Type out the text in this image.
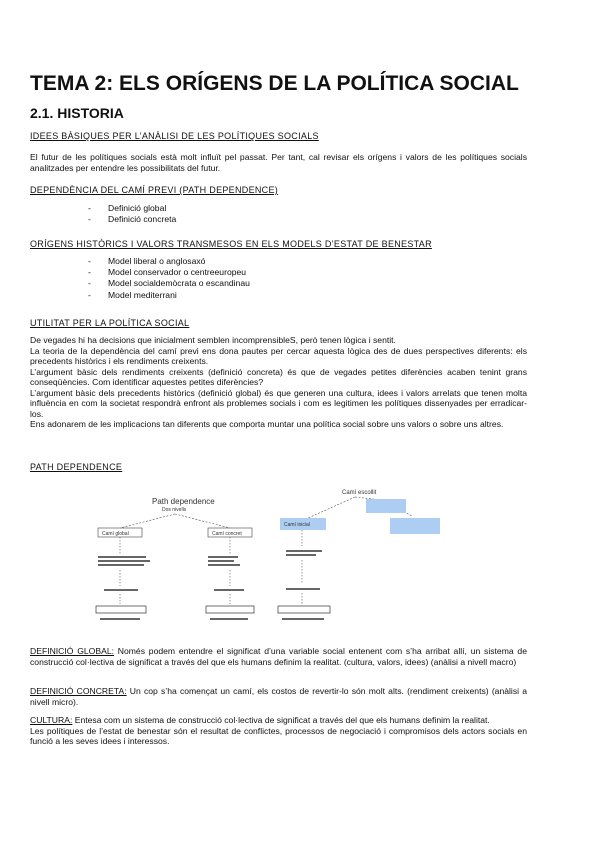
TEMA 2: ELS ORÍGENS DE LA POLÍTICA SOCIAL
2.1. HISTORIA
IDEES BÀSIQUES PER L’ANÀLISI DE LES POLÍTIQUES SOCIALS

El futur de les polítiques socials està molt influït pel passat. Per tant, cal revisar els orígens i valors de les polítiques socials analitzades per entendre les possibilitats del futur.

DEPENDÈNCIA DEL CAMÍ PREVI (PATH DEPENDENCE)
- Definició global
- Definició concreta
ORÍGENS HISTÒRICS I VALORS TRANSMESOS EN ELS MODELS D’ESTAT DE BENESTAR
- Model liberal o anglosaxó
- Model conservador o centreeuropeu
- Model socialdemòcrata o escandinau
- Model mediterrani
UTILITAT PER LA POLÍTICA SOCIAL

De vegades hi ha decisions que inicialment semblen incomprensibleS, però tenen lògica i sentit.

La teoria de la dependència del camí previ ens dona pautes per cercar aquesta lògica des de dues perspectives diferents: els precedents històrics i els rendiments creixents.

L’argument bàsic dels rendiments creixents (definició concreta) és que de vegades petites diferències acaben tenint grans conseqüències. Com identificar aquestes petites diferències?

L’argument bàsic dels precedents històrics (definició global) és que generen una cultura, idees i valors arrelats que tenen molta influència en com la societat respondrà enfront als problemes socials i com es legitimen les polítiques dissenyades per erradicar-los.

Ens adonarem de les implicacions tan diferents que comporta muntar una política social sobre uns valors o sobre uns altres.

PATH DEPENDENCE
Path dependence
Dos nivells
Camí global	Camí concret
Camí escollit
Camí inicial

DEFINICIÓ GLOBAL: Només podem entendre el significat d’una variable social entenent com s’ha arribat allí, un sistema de construcció col·lectiva de significat a través del que els humans definim la realitat. (cultura, valors, idees) (anàlisi a nivell macro)

DEFINICIÓ CONCRETA: Un cop s’ha començat un camí, els costos de revertir-lo són molt alts. (rendiment creixents) (anàlisi a nivell micro).

CULTURA: Entesa com un sistema de construcció col·lectiva de significat a través del que els humans definim la realitat.

Les polítiques de l’estat de benestar són el resultat de conflictes, processos de negociació i compromisos dels actors socials en funció a les seves idees i interessos.
